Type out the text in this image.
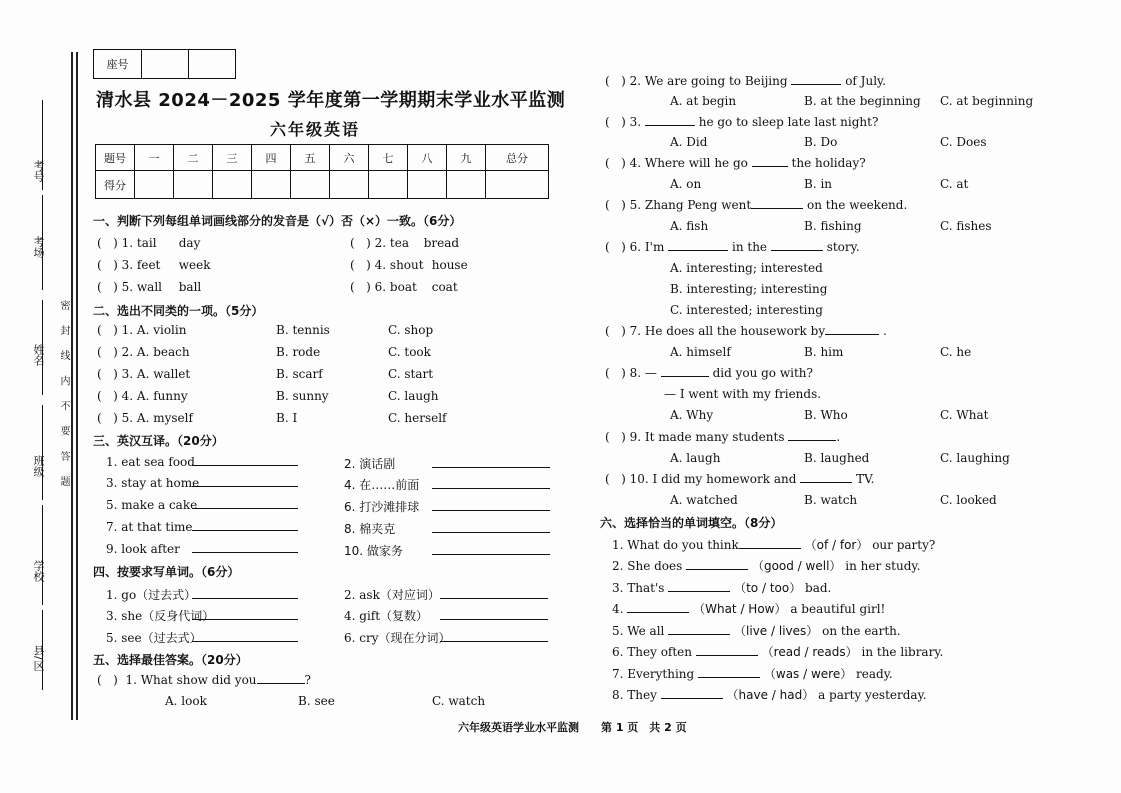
考号
考场
姓名
班级
学校
县/区
密 封 线 内 不 要 答 题
座号		
清水县 2024－2025 学年度第一学期期末学业水平监测
六年级英语
题号	一	二	三	四	五	六	七	八	九	总分
得分										
一、判断下列每组单词画线部分的发音是（√）否（×）一致。（6分）
(   ) 1. tail day	(   ) 2. tea bread
(   ) 3. feet week	(   ) 4. shout house
(   ) 5. wall ball	(   ) 6. boat coat
二、选出不同类的一项。（5分）
(   ) 1. A. violin	B. tennis	C. shop
(   ) 2. A. beach	B. rode	C. took
(   ) 3. A. wallet	B. scarf	C. start
(   ) 4. A. funny	B. sunny	C. laugh
(   ) 5. A. myself	B. I	C. herself
三、英汉互译。（20分）
1. eat sea food	2. 演话剧
3. stay at home	4. 在……前面
5. make a cake	6. 打沙滩排球
7. at that time	8. 棉夹克
9. look after	10. 做家务
四、按要求写单词。（6分）
1. go（过去式）	2. ask（对应词）
3. she（反身代词）	4. gift（复数）
5. see（过去式）	6. cry（现在分词）
五、选择最佳答案。（20分）
(   )  1. What show did you	?
A. look	B. see	C. watch
(   ) 2. We are going to Beijing	of July.
A. at begin	B. at the beginning C. at beginning
(   ) 3.	he go to sleep late last night?
A. Did	B. Do	C. Does
(   ) 4. Where will he go	the holiday?
A. on	B. in	C. at
(   ) 5. Zhang Peng went	on the weekend.
A. fish	B. fishing	C. fishes
(   ) 6. I'm	in the	story.
A. interesting; interested
B. interesting; interesting
C. interested; interesting
(   ) 7. He does all the housework by	.
A. himself	B. him	C. he
(   ) 8. —	did you go with?
— I went with my friends.
A. Why	B. Who	C. What
(   ) 9. It made many students	.
A. laugh	B. laughed	C. laughing
(   ) 10. I did my homework and	TV.
A. watched	B. watch	C. looked
六、选择恰当的单词填空。（8分）
1. What do you think	（of / for） our party?
2. She does	（good / well） in her study.
3. That's	（to / too） bad.
4.	（What / How） a beautiful girl!
5. We all	（live / lives） on the earth.
6. They often	（read / reads） in the library.
7. Everything	（was / were） ready.
8. They	（have / had） a party yesterday.
六年级英语学业水平监测　　第 1 页　共 2 页
